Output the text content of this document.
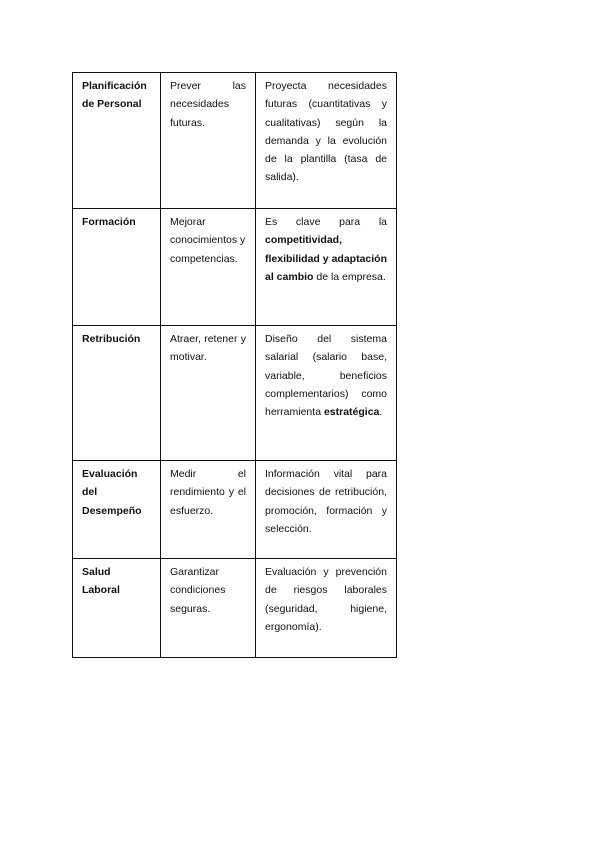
Planificación de Personal	Prever las necesidades futuras.	Proyecta necesidades futuras (cuantitativas y cualitativas) según la demanda y la evolución de la plantilla (tasa de salida).
Formación	Mejorar conocimientos y competencias.	Es clave para la competitividad, flexibilidad y adaptación al cambio de la empresa.
Retribución	Atraer, retener y motivar.	Diseño del sistema salarial (salario base, variable, beneficios complementarios) como herramienta estratégica.
Evaluación del Desempeño	Medir el rendimiento y el esfuerzo.	Información vital para decisiones de retribución, promoción, formación y selección.
Salud Laboral	Garantizar condiciones seguras.	Evaluación y prevención de riesgos laborales (seguridad, higiene, ergonomía).
